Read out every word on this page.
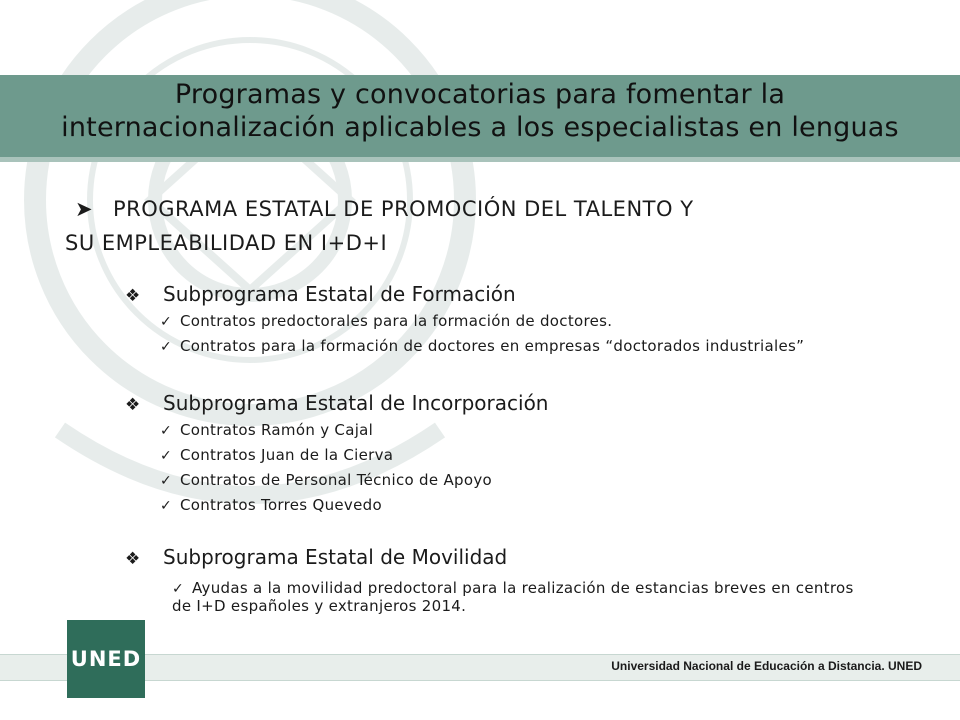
Programas y convocatorias para fomentar la
internacionalización aplicables a los especialistas en lenguas
➤ PROGRAMA ESTATAL DE PROMOCIÓN DEL TALENTO Y
SU EMPLEABILIDAD EN I+D+I
❖ Subprograma Estatal de Formación
✓ Contratos predoctorales para la formación de doctores.
✓ Contratos para la formación de doctores en empresas “doctorados industriales”
❖ Subprograma Estatal de Incorporación
✓ Contratos Ramón y Cajal
✓ Contratos Juan de la Cierva
✓ Contratos de Personal Técnico de Apoyo
✓ Contratos Torres Quevedo
❖ Subprograma Estatal de Movilidad
✓ Ayudas a la movilidad predoctoral para la realización de estancias breves en centros de I+D españoles y extranjeros 2014.
UNED	Universidad Nacional de Educación a Distancia. UNED
